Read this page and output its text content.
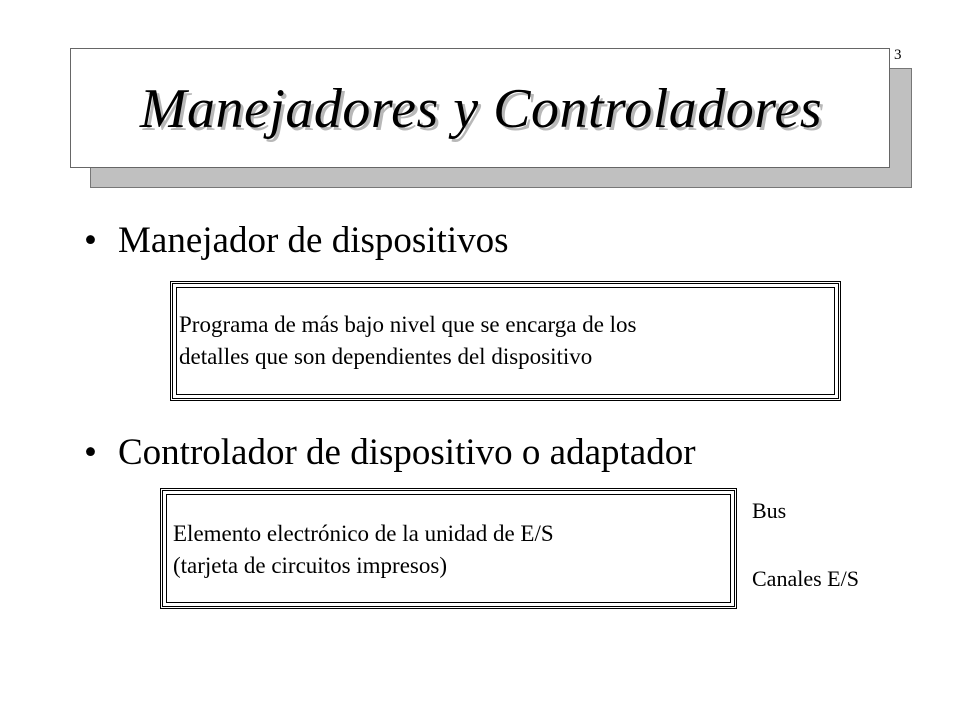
3
Manejadores y Controladores
• Manejador de dispositivos
Programa de más bajo nivel que se encarga de los
detalles que son dependientes del dispositivo
• Controlador de dispositivo o adaptador
Elemento electrónico de la unidad de E/S
(tarjeta de circuitos impresos)
Bus
Canales E/S
